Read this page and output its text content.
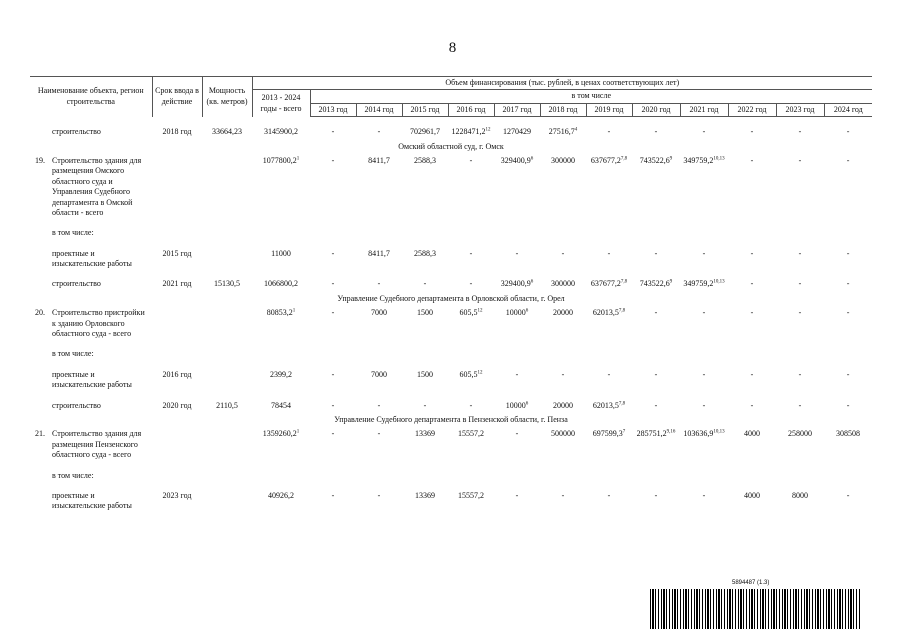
8
Наименование объекта, регион строительства		Срок ввода в действие	Мощность (кв. метров)	Объем финансирования (тыс. рублей, в ценах соответствующих лет)												
				2013 - 2024 годы - всего	в том числе											
					2013 год	2014 год	2015 год	2016 год	2017 год	2018 год	2019 год	2020 год	2021 год	2022 год	2023 год	2024 год

	строительство	2018 год	33664,23	3145900,2	-	-	702961,7	1228471,2$^{12}$	1270429	27516,7$^4$	-	-	-	-	-	-
Омский областной суд, г. Омск																
19.	Строительство здания для размещения Омского областного суда и Управления Судебного департамента в Омской области - всего			1077800,2$^1$	-	8411,7	2588,3	-	329400,9$^6$	300000	637677,2$^{7,8}$	743522,6$^9$	349759,2$^{10,13}$	-	-	-

	в том числе:															

	проектные и изыскательские работы	2015 год		11000	-	8411,7	2588,3	-	-	-	-	-	-	-	-	-

	строительство	2021 год	15130,5	1066800,2	-	-	-	-	329400,9$^6$	300000	637677,2$^{7,8}$	743522,6$^9$	349759,2$^{10,13}$	-	-	-
Управление Судебного департамента в Орловской области, г. Орел																
20.	Строительство пристройки к зданию Орловского областного суда - всего			80853,2$^1$	-	7000	1500	605,5$^{12}$	10000$^6$	20000	62013,5$^{7,8}$	-	-	-	-	-

	в том числе:															

	проектные и изыскательские работы	2016 год		2399,2	-	7000	1500	605,5$^{12}$	-	-	-	-	-	-	-	-

	строительство	2020 год	2110,5	78454	-	-	-	-	10000$^6$	20000	62013,5$^{7,8}$	-	-	-	-	-
Управление Судебного департамента в Пензенской области, г. Пенза																
21.	Строительство здания для размещения Пензенского областного суда - всего			1359260,2$^1$	-	-	13369	15557,2	-	500000	697599,3$^7$	285751,2$^{9,16}$	103636,9$^{10,13}$	4000	258000	308508

	в том числе:															

	проектные и изыскательские работы	2023 год		40926,2	-	-	13369	15557,2	-	-	-	-	-	4000	8000	-
5894487 (1.3)
